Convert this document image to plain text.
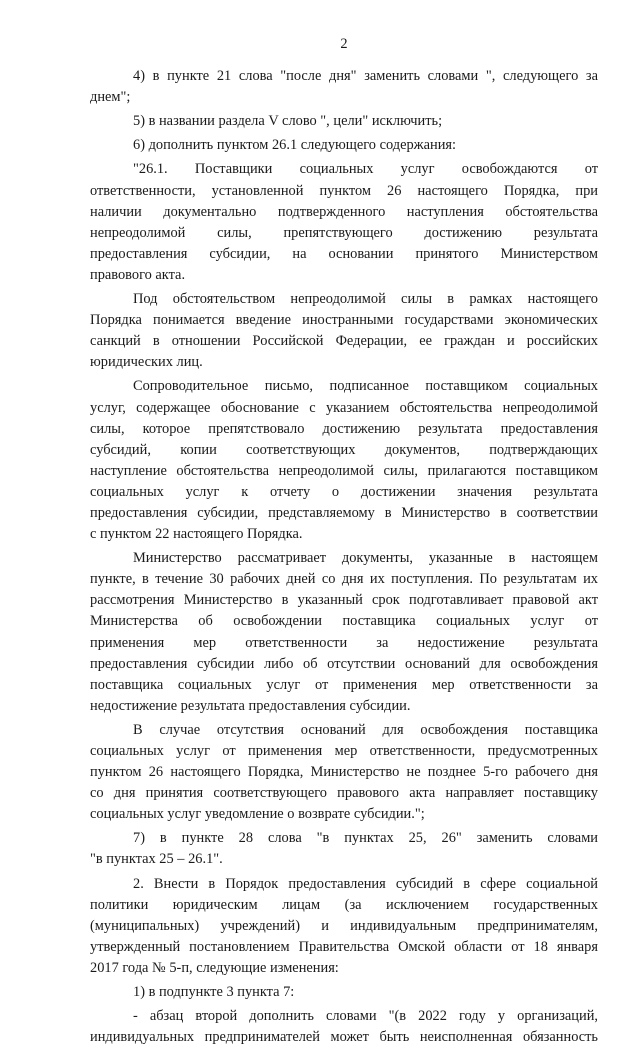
2
4) в пункте 21 слова "после дня" заменить словами ", следующего за
днем";
5) в названии раздела V слово ", цели" исключить;
6) дополнить пунктом 26.1 следующего содержания:
"26.1. Поставщики социальных услуг освобождаются от
ответственности, установленной пунктом 26 настоящего Порядка, при
наличии документально подтвержденного наступления обстоятельства
непреодолимой силы, препятствующего достижению результата
предоставления субсидии, на основании принятого Министерством
правового акта.
Под обстоятельством непреодолимой силы в рамках настоящего
Порядка понимается введение иностранными государствами экономических
санкций в отношении Российской Федерации, ее граждан и российских
юридических лиц.
Сопроводительное письмо, подписанное поставщиком социальных
услуг, содержащее обоснование с указанием обстоятельства непреодолимой
силы, которое препятствовало достижению результата предоставления
субсидий, копии соответствующих документов, подтверждающих
наступление обстоятельства непреодолимой силы, прилагаются поставщиком
социальных услуг к отчету о достижении значения результата
предоставления субсидии, представляемому в Министерство в соответствии
с пунктом 22 настоящего Порядка.
Министерство рассматривает документы, указанные в настоящем
пункте, в течение 30 рабочих дней со дня их поступления. По результатам их
рассмотрения Министерство в указанный срок подготавливает правовой акт
Министерства об освобождении поставщика социальных услуг от
применения мер ответственности за недостижение результата
предоставления субсидии либо об отсутствии оснований для освобождения
поставщика социальных услуг от применения мер ответственности за
недостижение результата предоставления субсидии.
В случае отсутствия оснований для освобождения поставщика
социальных услуг от применения мер ответственности, предусмотренных
пунктом 26 настоящего Порядка, Министерство не позднее 5-го рабочего дня
со дня принятия соответствующего правового акта направляет поставщику
социальных услуг уведомление о возврате субсидии.";
7) в пункте 28 слова "в пунктах 25, 26" заменить словами
"в пунктах 25 – 26.1".
2. Внести в Порядок предоставления субсидий в сфере социальной
политики юридическим лицам (за исключением государственных
(муниципальных) учреждений) и индивидуальным предпринимателям,
утвержденный постановлением Правительства Омской области от 18 января
2017 года № 5-п, следующие изменения:
1) в подпункте 3 пункта 7:
- абзац второй дополнить словами "(в 2022 году у организаций,
индивидуальных предпринимателей может быть неисполненная обязанность
